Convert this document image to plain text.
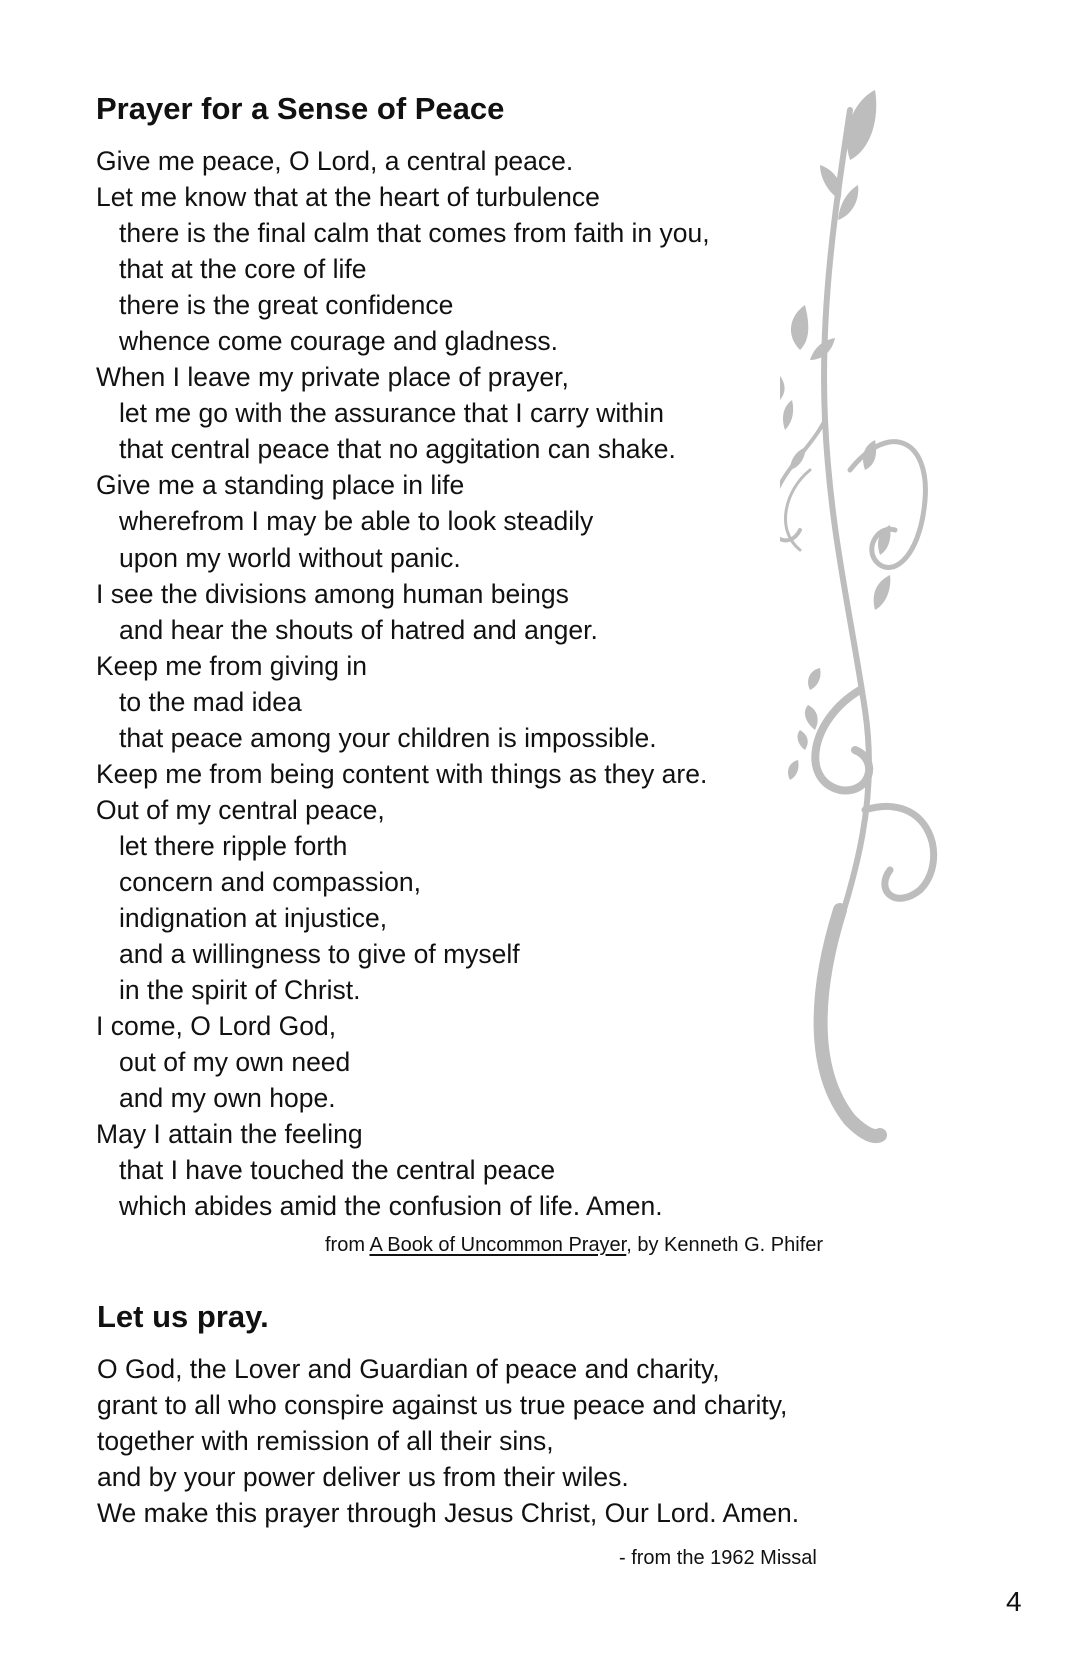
Prayer for a Sense of Peace
Give me peace, O Lord, a central peace.
Let me know that at the heart of turbulence
there is the final calm that comes from faith in you,
that at the core of life
there is the great confidence
whence come courage and gladness.
When I leave my private place of prayer,
let me go with the assurance that I carry within
that central peace that no aggitation can shake.
Give me a standing place in life
wherefrom I may be able to look steadily
upon my world without panic.
I see the divisions among human beings
and hear the shouts of hatred and anger.
Keep me from giving in
to the mad idea
that peace among your children is impossible.
Keep me from being content with things as they are.
Out of my central peace,
let there ripple forth
concern and compassion,
indignation at injustice,
and a willingness to give of myself
in the spirit of Christ.
I come, O Lord God,
out of my own need
and my own hope.
May I attain the feeling
that I have touched the central peace
which abides amid the confusion of life. Amen.
from A Book of Uncommon Prayer, by Kenneth G. Phifer
Let us pray.
O God, the Lover and Guardian of peace and charity,
grant to all who conspire against us true peace and charity,
together with remission of all their sins,
and by your power deliver us from their wiles.
We make this prayer through Jesus Christ, Our Lord. Amen.
- from the 1962 Missal
4
